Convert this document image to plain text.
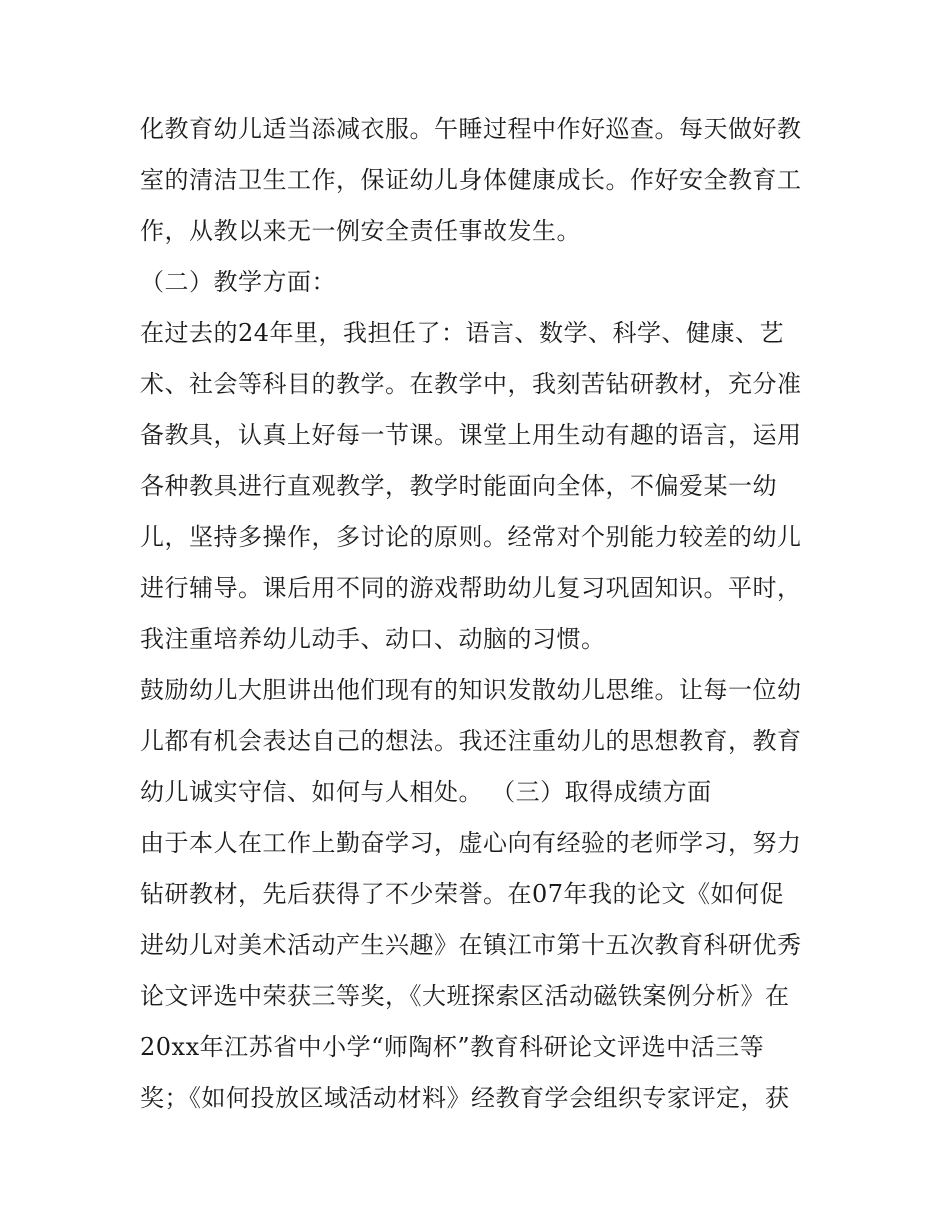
化教育幼儿适当添减衣服。午睡过程中作好巡查。每天做好教
室的清洁卫生工作，保证幼儿身体健康成长。作好安全教育工
作，从教以来无一例安全责任事故发生。
（二）教学方面：
在过去的24年里，我担任了：语言、数学、科学、健康、艺
术、社会等科目的教学。在教学中，我刻苦钻研教材，充分准
备教具，认真上好每一节课。课堂上用生动有趣的语言，运用
各种教具进行直观教学，教学时能面向全体，不偏爱某一幼
儿，坚持多操作，多讨论的原则。经常对个别能力较差的幼儿
进行辅导。课后用不同的游戏帮助幼儿复习巩固知识。平时，
我注重培养幼儿动手、动口、动脑的习惯。
鼓励幼儿大胆讲出他们现有的知识发散幼儿思维。让每一位幼
儿都有机会表达自己的想法。我还注重幼儿的思想教育，教育
幼儿诚实守信、如何与人相处。 （三）取得成绩方面
由于本人在工作上勤奋学习，虚心向有经验的老师学习，努力
钻研教材，先后获得了不少荣誉。在07年我的论文《如何促
进幼儿对美术活动产生兴趣》在镇江市第十五次教育科研优秀
论文评选中荣获三等奖，《大班探索区活动磁铁案例分析》在
20xx年江苏省中小学“师陶杯”教育科研论文评选中活三等
奖；《如何投放区域活动材料》经教育学会组织专家评定，获
